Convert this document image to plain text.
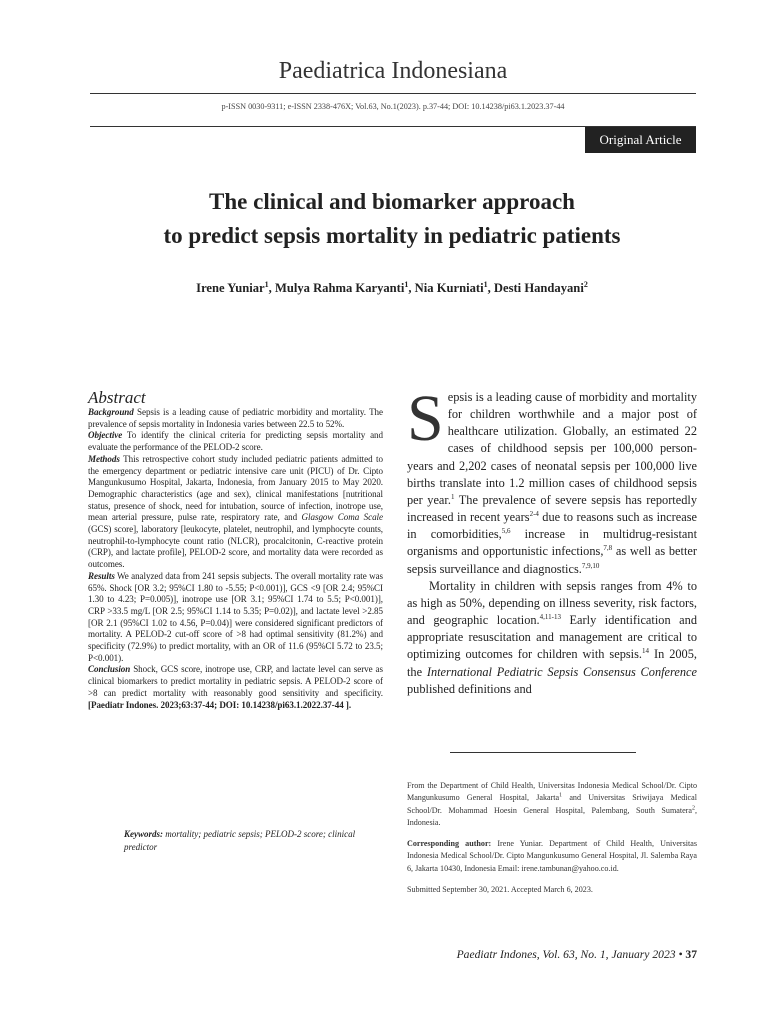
Paediatrica Indonesiana
p-ISSN 0030-9311; e-ISSN 2338-476X; Vol.63, No.1(2023). p.37-44; DOI: 10.14238/pi63.1.2023.37-44
Original Article
The clinical and biomarker approach
to predict sepsis mortality in pediatric patients
Irene Yuniar$^1$, Mulya Rahma Karyanti$^1$, Nia Kurniati$^1$, Desti Handayani$^2$
Abstract

Background Sepsis is a leading cause of pediatric morbidity and mortality. The prevalence of sepsis mortality in Indonesia varies between 22.5 to 52%.

Objective To identify the clinical criteria for predicting sepsis mortality and evaluate the performance of the PELOD-2 score.

Methods This retrospective cohort study included pediatric patients admitted to the emergency department or pediatric intensive care unit (PICU) of Dr. Cipto Mangunkusumo Hospital, Jakarta, Indonesia, from January 2015 to May 2020. Demographic characteristics (age and sex), clinical manifestations [nutritional status, presence of shock, need for intubation, source of infection, inotrope use, mean arterial pressure, pulse rate, respiratory rate, and Glasgow Coma Scale (GCS) score], laboratory [leukocyte, platelet, neutrophil, and lymphocyte counts, neutrophil-to-lymphocyte count ratio (NLCR), procalcitonin, C-reactive protein (CRP), and lactate profile], PELOD-2 score, and mortality data were recorded as outcomes.

Results We analyzed data from 241 sepsis subjects. The overall mortality rate was 65%. Shock [OR 3.2; 95%CI 1.80 to -5.55; P<0.001)], GCS <9 [OR 2.4; 95%CI 1.30 to 4.23; P=0.005)], inotrope use [OR 3.1; 95%CI 1.74 to 5.5; P<0.001)], CRP >33.5 mg/L [OR 2.5; 95%CI 1.14 to 5.35; P=0.02)], and lactate level >2.85 [OR 2.1 (95%CI 1.02 to 4.56, P=0.04)] were considered significant predictors of mortality. A PELOD-2 cut-off score of >8 had optimal sensitivity (81.2%) and specificity (72.9%) to predict mortality, with an OR of 11.6 (95%CI 5.72 to 23.5; P<0.001).

Conclusion Shock, GCS score, inotrope use, CRP, and lactate level can serve as clinical biomarkers to predict mortality in pediatric sepsis. A PELOD-2 score of >8 can predict mortality with reasonably good sensitivity and specificity. [Paediatr Indones. 2023;63:37-44; DOI: 10.14238/pi63.1.2022.37-44 ].

Keywords: mortality; pediatric sepsis; PELOD-2 score; clinical predictor

Sepsis is a leading cause of morbidity and mortality for children worthwhile and a major post of healthcare utilization. Globally, an estimated 22 cases of childhood sepsis per 100,000 person-years and 2,202 cases of neonatal sepsis per 100,000 live births translate into 1.2 million cases of childhood sepsis per year.$^1$ The prevalence of severe sepsis has reportedly increased in recent years$^{2-4}$ due to reasons such as increase in comorbidities,$^{5,6}$ increase in multidrug-resistant organisms and opportunistic infections,$^{7,8}$ as well as better sepsis surveillance and diagnostics.$^{7,9,10}$

Mortality in children with sepsis ranges from 4% to as high as 50%, depending on illness severity, risk factors, and geographic location.$^{4,11-13}$ Early identification and appropriate resuscitation and management are critical to optimizing outcomes for children with sepsis.$^{14}$ In 2005, the International Pediatric Sepsis Consensus Conference published definitions and

From the Department of Child Health, Universitas Indonesia Medical School/Dr. Cipto Mangunkusumo General Hospital, Jakarta$^1$ and Universitas Sriwijaya Medical School/Dr. Mohammad Hoesin General Hospital, Palembang, South Sumatera$^2$, Indonesia.

Corresponding author: Irene Yuniar. Department of Child Health, Universitas Indonesia Medical School/Dr. Cipto Mangunkusumo General Hospital, Jl. Salemba Raya 6, Jakarta 10430, Indonesia Email: irene.tambunan@yahoo.co.id.

Submitted September 30, 2021. Accepted March 6, 2023.

Paediatr Indones, Vol. 63, No. 1, January 2023 • 37
